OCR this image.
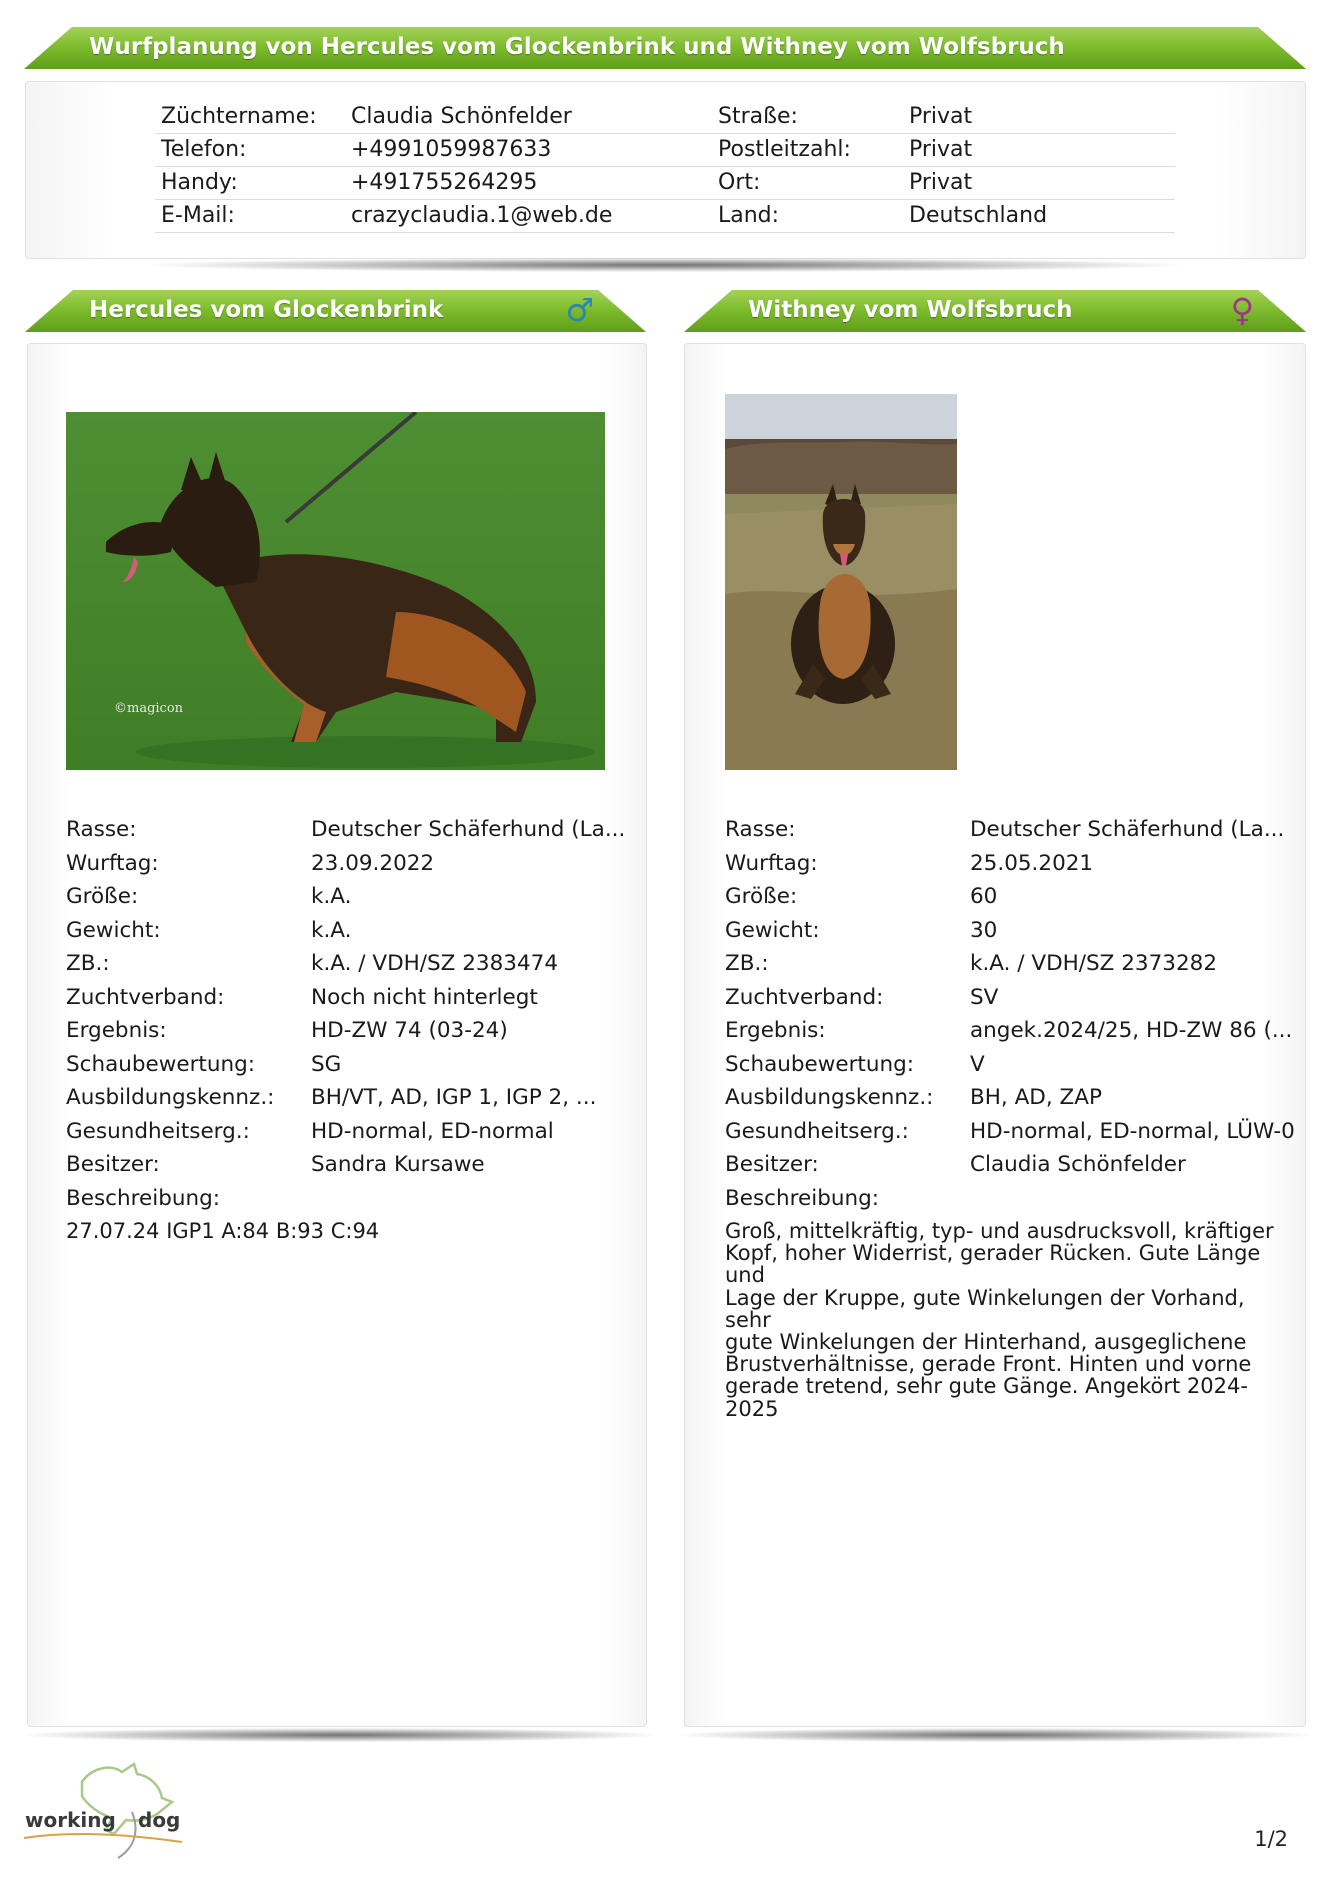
Wurfplanung von Hercules vom Glockenbrink und Withney vom Wolfsbruch
Züchtername: Claudia Schönfelder	Straße:	Privat
Telefon:	+4991059987633	Postleitzahl:	Privat
Handy:	+491755264295	Ort:	Privat
E-Mail:	crazyclaudia.1@web.de	Land:	Deutschland
Hercules vom Glockenbrink	♂	Withney vom Wolfsbruch	♀
©magicon
Rasse:	Deutscher Schäferhund (La...
Wurftag:	23.09.2022
Größe:	k.A.
Gewicht:	k.A.
ZB.:	k.A. / VDH/SZ 2383474
Zuchtverband:	Noch nicht hinterlegt
Ergebnis:	HD-ZW 74 (03-24)
Schaubewertung:	SG
Ausbildungskennz.: BH/VT, AD, IGP 1, IGP 2, ...
Gesundheitserg.:	HD-normal, ED-normal
Besitzer:	Sandra Kursawe
Beschreibung:
27.07.24 IGP1 A:84 B:93 C:94
Rasse:	Deutscher Schäferhund (La...
Wurftag:	25.05.2021
Größe:	60
Gewicht:	30
ZB.:	k.A. / VDH/SZ 2373282
Zuchtverband:	SV
Ergebnis:	angek.2024/25, HD-ZW 86 (...
Schaubewertung:	V
Ausbildungskennz.: BH, AD, ZAP
Gesundheitserg.:	HD-normal, ED-normal, LÜW-0
Besitzer:	Claudia Schönfelder
Beschreibung:
Groß, mittelkräftig, typ- und ausdrucksvoll, kräftiger
Kopf, hoher Widerrist, gerader Rücken. Gute Länge und
Lage der Kruppe, gute Winkelungen der Vorhand, sehr
gute Winkelungen der Hinterhand, ausgeglichene
Brustverhältnisse, gerade Front. Hinten und vorne
gerade tretend, sehr gute Gänge. Angekört 2024-2025
working dog
1/2
